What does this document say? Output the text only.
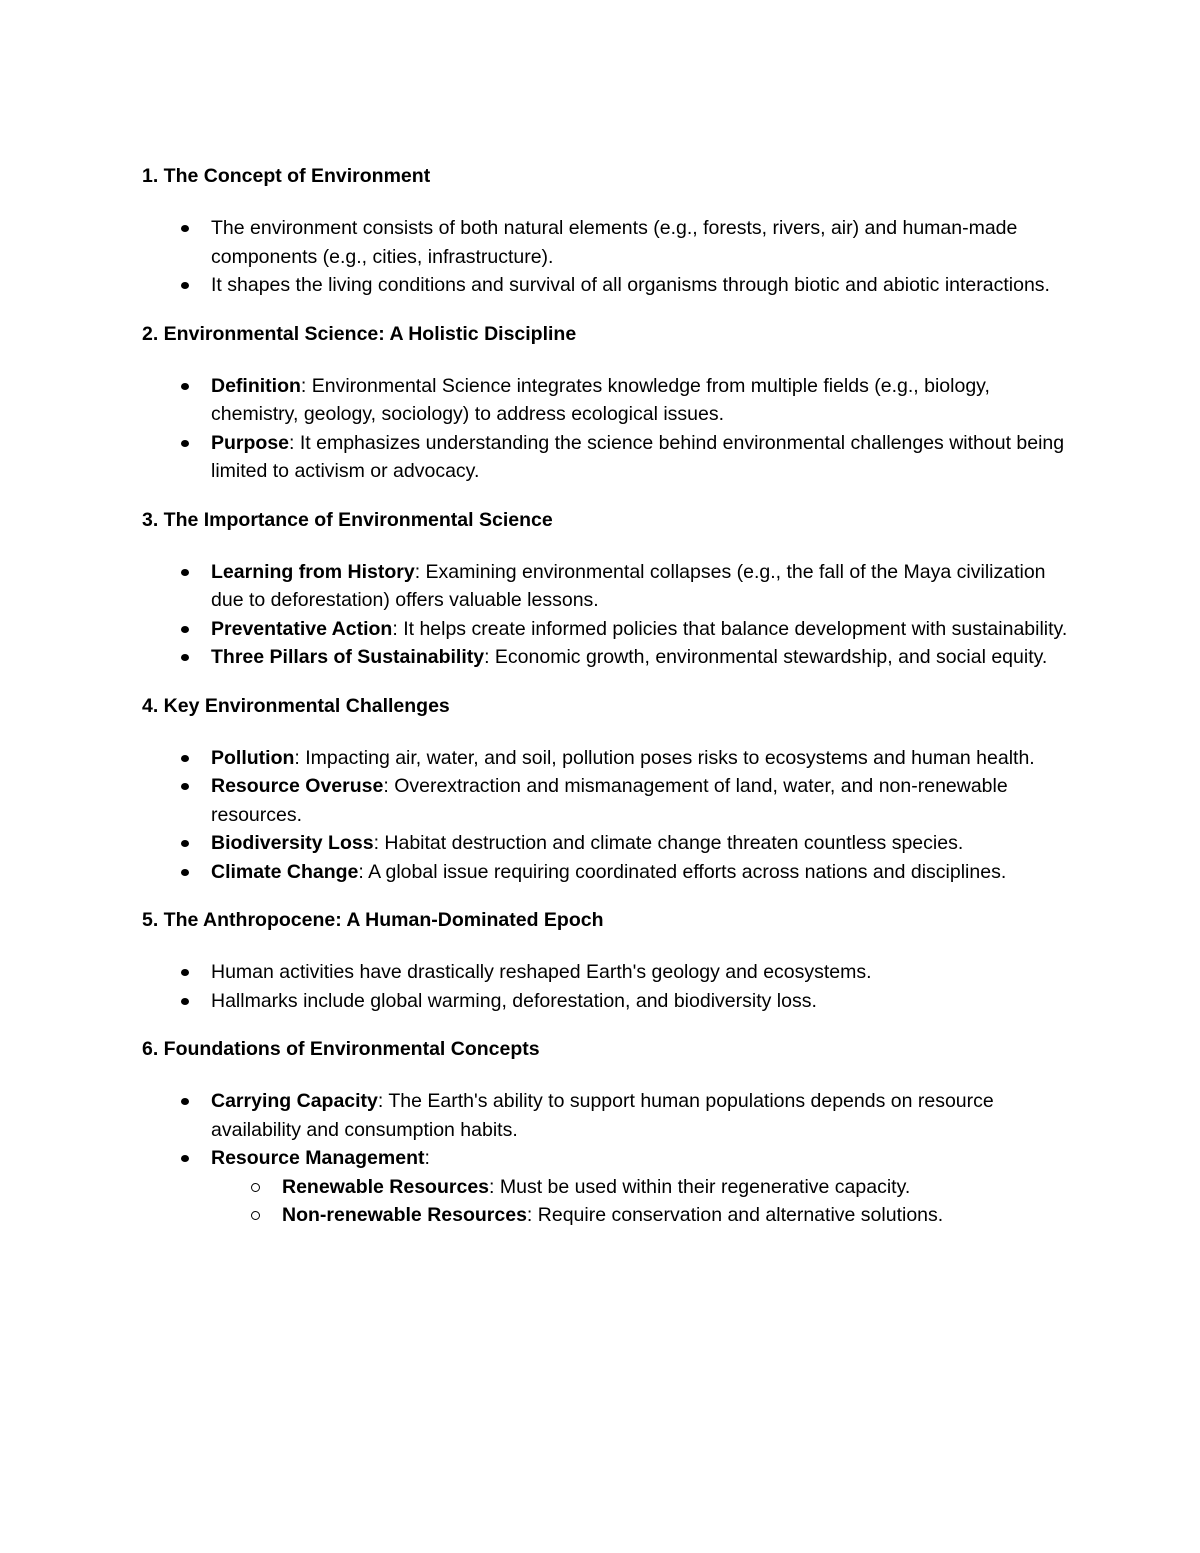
1. The Concept of Environment
The environment consists of both natural elements (e.g., forests, rivers, air) and human-made components (e.g., cities, infrastructure).
It shapes the living conditions and survival of all organisms through biotic and abiotic interactions.
2. Environmental Science: A Holistic Discipline
Definition: Environmental Science integrates knowledge from multiple fields (e.g., biology, chemistry, geology, sociology) to address ecological issues.
Purpose: It emphasizes understanding the science behind environmental challenges without being limited to activism or advocacy.
3. The Importance of Environmental Science
Learning from History: Examining environmental collapses (e.g., the fall of the Maya civilization due to deforestation) offers valuable lessons.
Preventative Action: It helps create informed policies that balance development with sustainability.
Three Pillars of Sustainability: Economic growth, environmental stewardship, and social equity.
4. Key Environmental Challenges
Pollution: Impacting air, water, and soil, pollution poses risks to ecosystems and human health.
Resource Overuse: Overextraction and mismanagement of land, water, and non-renewable resources.
Biodiversity Loss: Habitat destruction and climate change threaten countless species.
Climate Change: A global issue requiring coordinated efforts across nations and disciplines.
5. The Anthropocene: A Human-Dominated Epoch
Human activities have drastically reshaped Earth's geology and ecosystems.
Hallmarks include global warming, deforestation, and biodiversity loss.
6. Foundations of Environmental Concepts
Carrying Capacity: The Earth's ability to support human populations depends on resource availability and consumption habits.
Resource Management:
Renewable Resources: Must be used within their regenerative capacity.
Non-renewable Resources: Require conservation and alternative solutions.
